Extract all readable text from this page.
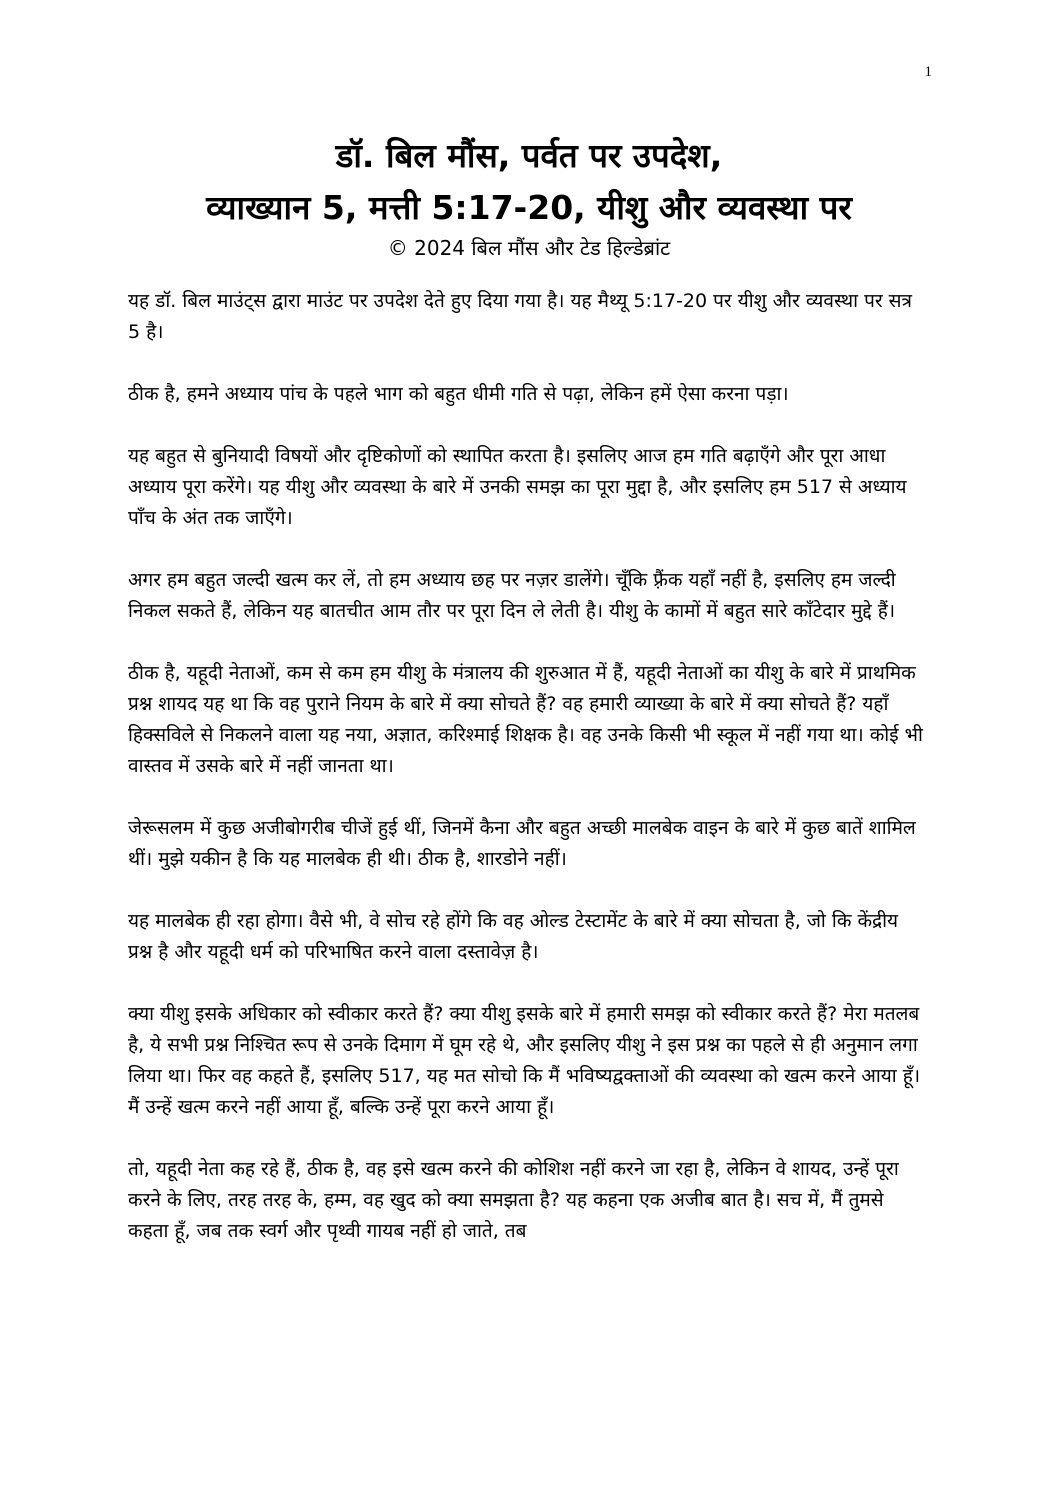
1

डॉ. बिल मौंस, पर्वत पर उपदेश,

व्याख्यान 5, मत्ती 5:17-20, यीशु और व्यवस्था पर

© 2024 बिल मौंस और टेड हिल्डेब्रांट

यह डॉ. बिल माउंट्स द्वारा माउंट पर उपदेश देते हुए दिया गया है। यह मैथ्यू 5:17-20 पर यीशु और व्यवस्था पर सत्र 5 है।

ठीक है, हमने अध्याय पांच के पहले भाग को बहुत धीमी गति से पढ़ा, लेकिन हमें ऐसा करना पड़ा।

यह बहुत से बुनियादी विषयों और दृष्टिकोणों को स्थापित करता है। इसलिए आज हम गति बढ़ाएँगे और पूरा आधा अध्याय पूरा करेंगे। यह यीशु और व्यवस्था के बारे में उनकी समझ का पूरा मुद्दा है, और इसलिए हम 517 से अध्याय पाँच के अंत तक जाएँगे।

अगर हम बहुत जल्दी खत्म कर लें, तो हम अध्याय छह पर नज़र डालेंगे। चूँकि फ़्रैंक यहाँ नहीं है, इसलिए हम जल्दी निकल सकते हैं, लेकिन यह बातचीत आम तौर पर पूरा दिन ले लेती है। यीशु के कामों में बहुत सारे काँटेदार मुद्दे हैं।

ठीक है, यहूदी नेताओं, कम से कम हम यीशु के मंत्रालय की शुरुआत में हैं, यहूदी नेताओं का यीशु के बारे में प्राथमिक प्रश्न शायद यह था कि वह पुराने नियम के बारे में क्या सोचते हैं? वह हमारी व्याख्या के बारे में क्या सोचते हैं? यहाँ हिक्सविले से निकलने वाला यह नया, अज्ञात, करिश्माई शिक्षक है। वह उनके किसी भी स्कूल में नहीं गया था। कोई भी वास्तव में उसके बारे में नहीं जानता था।

जेरूसलम में कुछ अजीबोगरीब चीजें हुई थीं, जिनमें कैना और बहुत अच्छी मालबेक वाइन के बारे में कुछ बातें शामिल थीं। मुझे यकीन है कि यह मालबेक ही थी। ठीक है, शारडोने नहीं।

यह मालबेक ही रहा होगा। वैसे भी, वे सोच रहे होंगे कि वह ओल्ड टेस्टामेंट के बारे में क्या सोचता है, जो कि केंद्रीय प्रश्न है और यहूदी धर्म को परिभाषित करने वाला दस्तावेज़ है।

क्या यीशु इसके अधिकार को स्वीकार करते हैं? क्या यीशु इसके बारे में हमारी समझ को स्वीकार करते हैं? मेरा मतलब है, ये सभी प्रश्न निश्चित रूप से उनके दिमाग में घूम रहे थे, और इसलिए यीशु ने इस प्रश्न का पहले से ही अनुमान लगा लिया था। फिर वह कहते हैं, इसलिए 517, यह मत सोचो कि मैं भविष्यद्वक्ताओं की व्यवस्था को खत्म करने आया हूँ। मैं उन्हें खत्म करने नहीं आया हूँ, बल्कि उन्हें पूरा करने आया हूँ।

तो, यहूदी नेता कह रहे हैं, ठीक है, वह इसे खत्म करने की कोशिश नहीं करने जा रहा है, लेकिन वे शायद, उन्हें पूरा करने के लिए, तरह तरह के, हम्म, वह खुद को क्या समझता है? यह कहना एक अजीब बात है। सच में, मैं तुमसे कहता हूँ, जब तक स्वर्ग और पृथ्वी गायब नहीं हो जाते, तब
